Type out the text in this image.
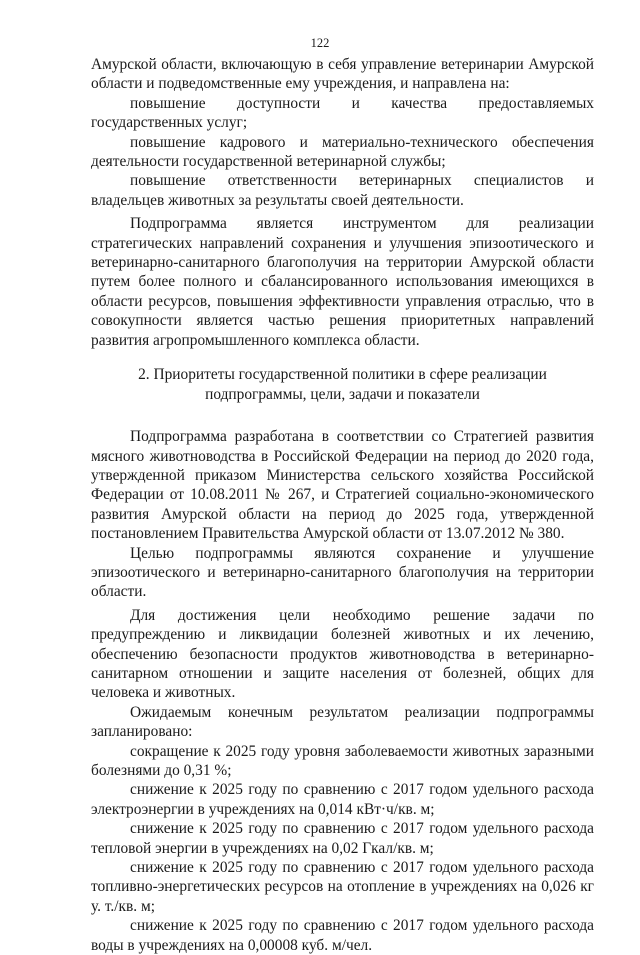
122

Амурской области, включающую в себя управление ветеринарии Амурской области и подведомственные ему учреждения, и направлена на:

повышение доступности и качества предоставляемых государственных услуг;

повышение кадрового и материально-технического обеспечения деятельности государственной ветеринарной службы;

повышение ответственности ветеринарных специалистов и владельцев животных за результаты своей деятельности.

Подпрограмма является инструментом для реализации стратегических направлений сохранения и улучшения эпизоотического и ветеринарно-санитарного благополучия на территории Амурской области путем более полного и сбалансированного использования имеющихся в области ресурсов, повышения эффективности управления отраслью, что в совокупности является частью решения приоритетных направлений развития агропромышленного комплекса области.

2. Приоритеты государственной политики в сфере реализации
подпрограммы, цели, задачи и показатели

Подпрограмма разработана в соответствии со Стратегией развития мясного животноводства в Российской Федерации на период до 2020 года, утвержденной приказом Министерства сельского хозяйства Российской Федерации от 10.08.2011 № 267, и Стратегией социально-экономического развития Амурской области на период до 2025 года, утвержденной постановлением Правительства Амурской области от 13.07.2012 № 380.

Целью подпрограммы являются сохранение и улучшение эпизоотического и ветеринарно-санитарного благополучия на территории области.

Для достижения цели необходимо решение задачи по предупреждению и ликвидации болезней животных и их лечению, обеспечению безопасности продуктов животноводства в ветеринарно-санитарном отношении и защите населения от болезней, общих для человека и животных.

Ожидаемым конечным результатом реализации подпрограммы запланировано:

сокращение к 2025 году уровня заболеваемости животных заразными болезнями до 0,31 %;

снижение к 2025 году по сравнению с 2017 годом удельного расхода электроэнергии в учреждениях на 0,014 кВт·ч/кв. м;

снижение к 2025 году по сравнению с 2017 годом удельного расхода тепловой энергии в учреждениях на 0,02 Гкал/кв. м;

снижение к 2025 году по сравнению с 2017 годом удельного расхода топливно-энергетических ресурсов на отопление в учреждениях на 0,026 кг у. т./кв. м;

снижение к 2025 году по сравнению с 2017 годом удельного расхода воды в учреждениях на 0,00008 куб. м/чел.
